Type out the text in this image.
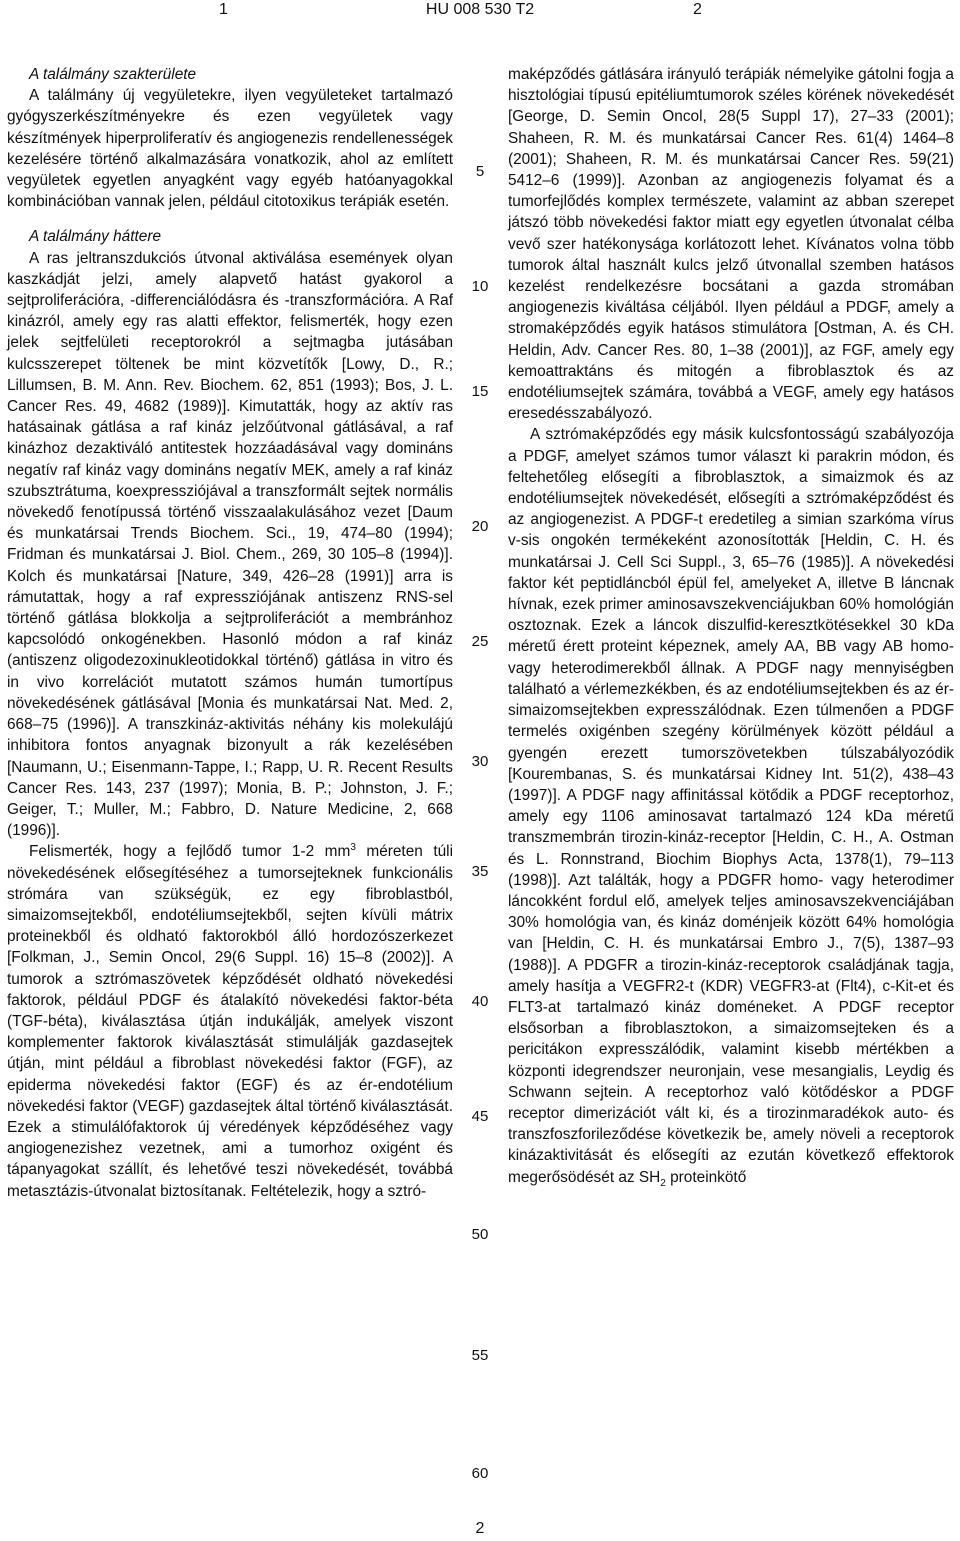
1	HU 008 530 T2	2

A találmány szakterülete

A találmány új vegyületekre, ilyen vegyületeket tartalmazó gyógyszerkészítményekre és ezen vegyületek vagy készítmények hiperproliferatív és angiogenezis rendellenességek kezelésére történő alkalmazására vonatkozik, ahol az említett vegyületek egyetlen anyagként vagy egyéb hatóanyagokkal kombinációban vannak jelen, például citotoxikus terápiák esetén.

A találmány háttere

A ras jeltranszdukciós útvonal aktiválása események olyan kaszkádját jelzi, amely alapvető hatást gyakorol a sejtproliferációra, -differenciálódásra és -transzformációra. A Raf kinázról, amely egy ras alatti effektor, felismerték, hogy ezen jelek sejtfelületi receptorokról a sejtmagba jutásában kulcsszerepet töltenek be mint közvetítők [Lowy, D., R.; Lillumsen, B. M. Ann. Rev. Biochem. 62, 851 (1993); Bos, J. L. Cancer Res. 49, 4682 (1989)]. Kimutatták, hogy az aktív ras hatásainak gátlása a raf kináz jelzőútvonal gátlásával, a raf kinázhoz dezaktiváló antitestek hozzáadásával vagy domináns negatív raf kináz vagy domináns negatív MEK, amely a raf kináz szubsztrátuma, koexpressziójával a transzformált sejtek normális növekedő fenotípussá történő visszaalakulásához vezet [Daum és munkatársai Trends Biochem. Sci., 19, 474–80 (1994); Fridman és munkatársai J. Biol. Chem., 269, 30 105–8 (1994)]. Kolch és munkatársai [Nature, 349, 426–28 (1991)] arra is rámutattak, hogy a raf expressziójának antiszenz RNS-sel történő gátlása blokkolja a sejtproliferációt a membránhoz kapcsolódó onkogénekben. Hasonló módon a raf kináz (antiszenz oligodezoxinukleotidokkal történő) gátlása in vitro és in vivo korrelációt mutatott számos humán tumortípus növekedésének gátlásával [Monia és munkatársai Nat. Med. 2, 668–75 (1996)]. A transzkináz-aktivitás néhány kis molekulájú inhibitora fontos anyagnak bizonyult a rák kezelésében [Naumann, U.; Eisenmann-Tappe, I.; Rapp, U. R. Recent Results Cancer Res. 143, 237 (1997); Monia, B. P.; Johnston, J. F.; Geiger, T.; Muller, M.; Fabbro, D. Nature Medicine, 2, 668 (1996)].

Felismerték, hogy a fejlődő tumor 1-2 $mm^3$ méreten túli növekedésének elősegítéséhez a tumorsejteknek funkcionális strómára van szükségük, ez egy fibroblastból, simaizomsejtekből, endotéliumsejtekből, sejten kívüli mátrix proteinekből és oldható faktorokból álló hordozószerkezet [Folkman, J., Semin Oncol, 29(6 Suppl. 16) 15–8 (2002)]. A tumorok a sztrómaszövetek képződését oldható növekedési faktorok, például PDGF és átalakító növekedési faktor-béta (TGF-béta), kiválasztása útján indukálják, amelyek viszont komplementer faktorok kiválasztását stimulálják gazdasejtek útján, mint például a fibroblast növekedési faktor (FGF), az epiderma növekedési faktor (EGF) és az ér-endotélium növekedési faktor (VEGF) gazdasejtek által történő kiválasztását. Ezek a stimulálófaktorok új véredények képződéséhez vagy angiogenezishez vezetnek, ami a tumorhoz oxigént és tápanyagokat szállít, és lehetővé teszi növekedését, továbbá metasztázis-útvonalat biztosítanak. Feltételezik, hogy a sztró-

maképződés gátlására irányuló terápiák némelyike gátolni fogja a hisztológiai típusú epitéliumtumorok széles körének növekedését [George, D. Semin Oncol, 28(5 Suppl 17), 27–33 (2001); Shaheen, R. M. és munkatársai Cancer Res. 61(4) 1464–8 (2001); Shaheen, R. M. és munkatársai Cancer Res. 59(21) 5412–6 (1999)]. Azonban az angiogenezis folyamat és a tumorfejlődés komplex természete, valamint az abban szerepet játszó több növekedési faktor miatt egy egyetlen útvonalat célba vevő szer hatékonysága korlátozott lehet. Kívánatos volna több tumorok által használt kulcs jelző útvonallal szemben hatásos kezelést rendelkezésre bocsátani a gazda stromában angiogenezis kiváltása céljából. Ilyen például a PDGF, amely a stromaképződés egyik hatásos stimulátora [Ostman, A. és CH. Heldin, Adv. Cancer Res. 80, 1–38 (2001)], az FGF, amely egy kemoattraktáns és mitogén a fibroblasztok és az endotéliumsejtek számára, továbbá a VEGF, amely egy hatásos eresedésszabályozó.

A sztrómaképződés egy másik kulcsfontosságú szabályozója a PDGF, amelyet számos tumor választ ki parakrin módon, és feltehetőleg elősegíti a fibroblasztok, a simaizmok és az endotéliumsejtek növekedését, elősegíti a sztrómaképződést és az angiogenezist. A PDGF-t eredetileg a simian szarkóma vírus v-sis ongokén termékeként azonosították [Heldin, C. H. és munkatársai J. Cell Sci Suppl., 3, 65–76 (1985)]. A növekedési faktor két peptidláncból épül fel, amelyeket A, illetve B láncnak hívnak, ezek primer aminosavszekvenciájukban 60% homológián osztoznak. Ezek a láncok diszulfid-keresztkötésekkel 30 kDa méretű érett proteint képeznek, amely AA, BB vagy AB homo- vagy heterodimerekből állnak. A PDGF nagy mennyiségben található a vérlemezkékben, és az endotéliumsejtekben és az ér-simaizomsejtekben expresszálódnak. Ezen túlmenően a PDGF termelés oxigénben szegény körülmények között például a gyengén erezett tumorszövetekben túlszabályozódik [Kourembanas, S. és munkatársai Kidney Int. 51(2), 438–43 (1997)]. A PDGF nagy affinitással kötődik a PDGF receptorhoz, amely egy 1106 aminosavat tartalmazó 124 kDa méretű transzmembrán tirozin-kináz-receptor [Heldin, C. H., A. Ostman és L. Ronnstrand, Biochim Biophys Acta, 1378(1), 79–113 (1998)]. Azt találták, hogy a PDGFR homo- vagy heterodimer láncokként fordul elő, amelyek teljes aminosavszekvenciájában 30% homológia van, és kináz doménjeik között 64% homológia van [Heldin, C. H. és munkatársai Embro J., 7(5), 1387–93 (1988)]. A PDGFR a tirozin-kináz-receptorok családjának tagja, amely hasítja a VEGFR2-t (KDR) VEGFR3-at (Flt4), c-Kit-et és FLT3-at tartalmazó kináz doméneket. A PDGF receptor elsősorban a fibroblasztokon, a simaizomsejteken és a pericitákon expresszálódik, valamint kisebb mértékben a központi idegrendszer neuronjain, vese mesangialis, Leydig és Schwann sejtein. A receptorhoz való kötődéskor a PDGF receptor dimerizációt vált ki, és a tirozinmaradékok auto- és transzfoszforileződése következik be, amely növeli a receptorok kinázaktivitását és elősegíti az ezután következő effektorok megerősödését az $SH_2$ proteinkötő

5
10
15
20
25
30
35
40
45
50
55
60
2
